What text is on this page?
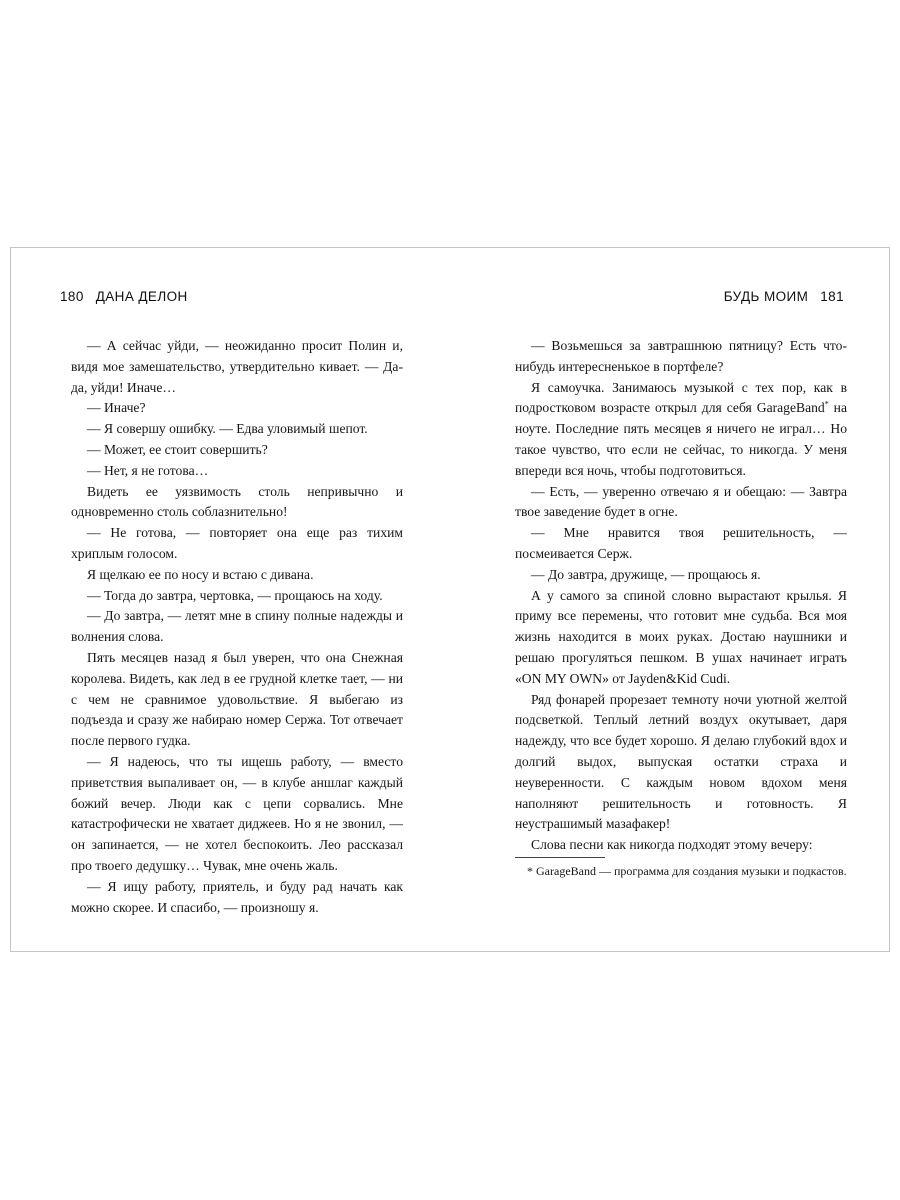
180 ДАНА ДЕЛОН

— А сейчас уйди, — неожиданно просит Полин и, видя мое замешательство, утвердительно кивает. — Да-да, уйди! Иначе…

— Иначе?

— Я совершу ошибку. — Едва уловимый шепот.

— Может, ее стоит совершить?

— Нет, я не готова…

Видеть ее уязвимость столь непривычно и одновременно столь соблазнительно!

— Не готова, — повторяет она еще раз тихим хриплым голосом.

Я щелкаю ее по носу и встаю с дивана.

— Тогда до завтра, чертовка, — прощаюсь на ходу.

— До завтра, — летят мне в спину полные надежды и волнения слова.

Пять месяцев назад я был уверен, что она Снежная королева. Видеть, как лед в ее грудной клетке тает, — ни с чем не сравнимое удовольствие. Я выбегаю из подъезда и сразу же набираю номер Сержа. Тот отвечает после первого гудка.

— Я надеюсь, что ты ищешь работу, — вместо приветствия выпаливает он, — в клубе аншлаг каждый божий вечер. Люди как с цепи сорвались. Мне катастрофически не хватает диджеев. Но я не звонил, — он запинается, — не хотел беспокоить. Лео рассказал про твоего дедушку… Чувак, мне очень жаль.

— Я ищу работу, приятель, и буду рад начать как можно скорее. И спасибо, — произношу я.

БУДЬ МОИМ 181

— Возьмешься за завтрашнюю пятницу? Есть что-нибудь интересненькое в портфеле?

Я самоучка. Занимаюсь музыкой с тех пор, как в подростковом возрасте открыл для себя GarageBand* на ноуте. Последние пять месяцев я ничего не играл… Но такое чувство, что если не сейчас, то никогда. У меня впереди вся ночь, чтобы подготовиться.

— Есть, — уверенно отвечаю я и обещаю: — Завтра твое заведение будет в огне.

— Мне нравится твоя решительность, — посмеивается Серж.

— До завтра, дружище, — прощаюсь я.

А у самого за спиной словно вырастают крылья. Я приму все перемены, что готовит мне судьба. Вся моя жизнь находится в моих руках. Достаю наушники и решаю прогуляться пешком. В ушах начинает играть «ON MY OWN» от Jayden&Kid Cudi.

Ряд фонарей прорезает темноту ночи уютной желтой подсветкой. Теплый летний воздух окутывает, даря надежду, что все будет хорошо. Я делаю глубокий вдох и долгий выдох, выпуская остатки страха и неуверенности. С каждым новом вдохом меня наполняют решительность и готовность. Я неустрашимый мазафакер!

Слова песни как никогда подходят этому вечеру:

* GarageBand — программа для создания музыки и подкастов.
